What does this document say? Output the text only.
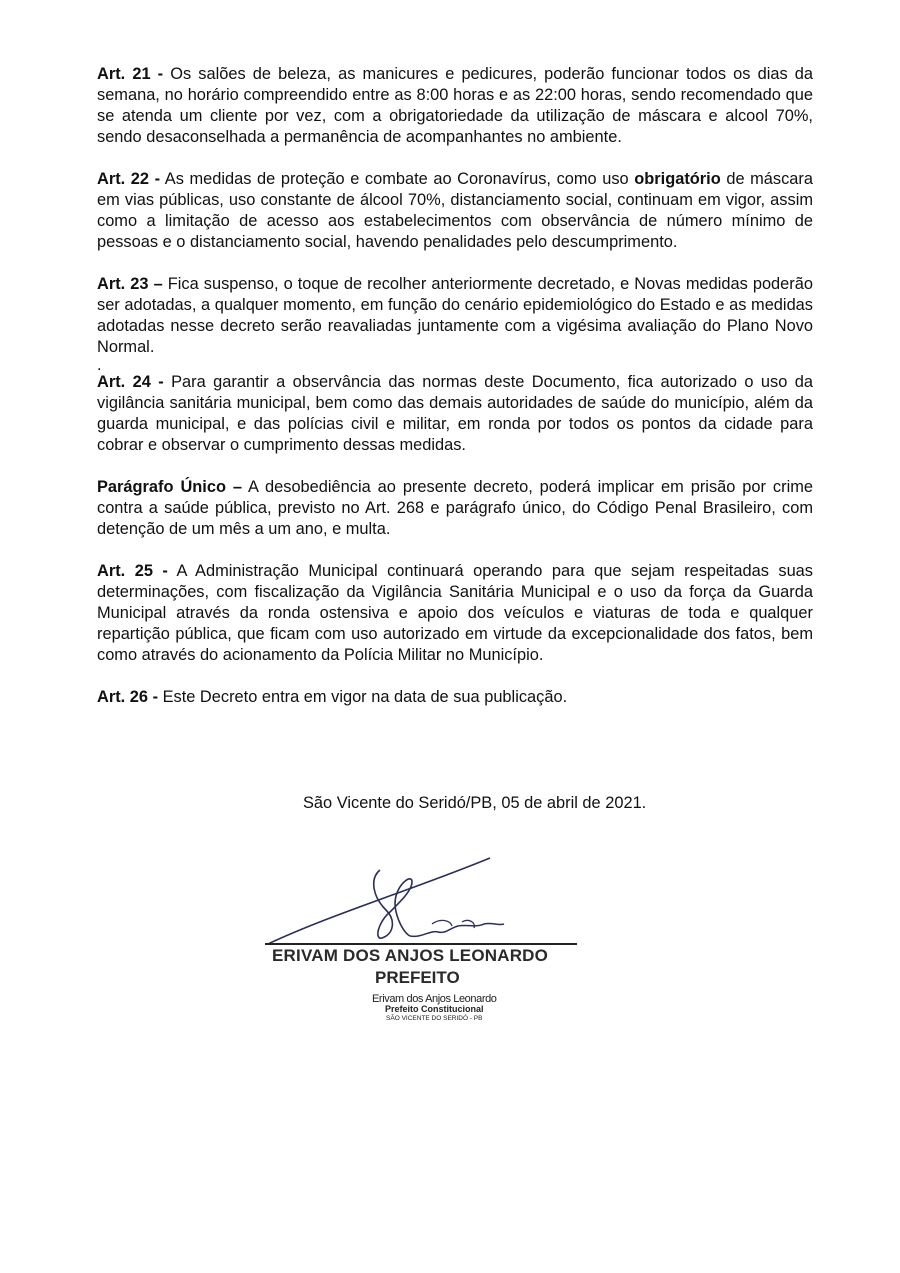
Art. 21 - Os salões de beleza, as manicures e pedicures, poderão funcionar todos os dias da semana, no horário compreendido entre as 8:00 horas e as 22:00 horas, sendo recomendado que se atenda um cliente por vez, com a obrigatoriedade da utilização de máscara e alcool 70%, sendo desaconselhada a permanência de acompanhantes no ambiente.

Art. 22 - As medidas de proteção e combate ao Coronavírus, como uso obrigatório de máscara em vias públicas, uso constante de álcool 70%, distanciamento social, continuam em vigor, assim como a limitação de acesso aos estabelecimentos com observância de número mínimo de pessoas e o distanciamento social, havendo penalidades pelo descumprimento.

Art. 23 – Fica suspenso, o toque de recolher anteriormente decretado, e Novas medidas poderão ser adotadas, a qualquer momento, em função do cenário epidemiológico do Estado e as medidas adotadas nesse decreto serão reavaliadas juntamente com a vigésima avaliação do Plano Novo Normal.

.

Art. 24 - Para garantir a observância das normas deste Documento, fica autorizado o uso da vigilância sanitária municipal, bem como das demais autoridades de saúde do município, além da guarda municipal, e das polícias civil e militar, em ronda por todos os pontos da cidade para cobrar e observar o cumprimento dessas medidas.

Parágrafo Único – A desobediência ao presente decreto, poderá implicar em prisão por crime contra a saúde pública, previsto no Art. 268 e parágrafo único, do Código Penal Brasileiro, com detenção de um mês a um ano, e multa.

Art. 25 - A Administração Municipal continuará operando para que sejam respeitadas suas determinações, com fiscalização da Vigilância Sanitária Municipal e o uso da força da Guarda Municipal através da ronda ostensiva e apoio dos veículos e viaturas de toda e qualquer repartição pública, que ficam com uso autorizado em virtude da excepcionalidade dos fatos, bem como através do acionamento da Polícia Militar no Município.

Art. 26 - Este Decreto entra em vigor na data de sua publicação.

São Vicente do Seridó/PB, 05 de abril de 2021.
ERIVAM DOS ANJOS LEONARDO
PREFEITO
Erivam dos Anjos Leonardo
Prefeito Constitucional
SÃO VICENTE DO SERIDÓ - PB
